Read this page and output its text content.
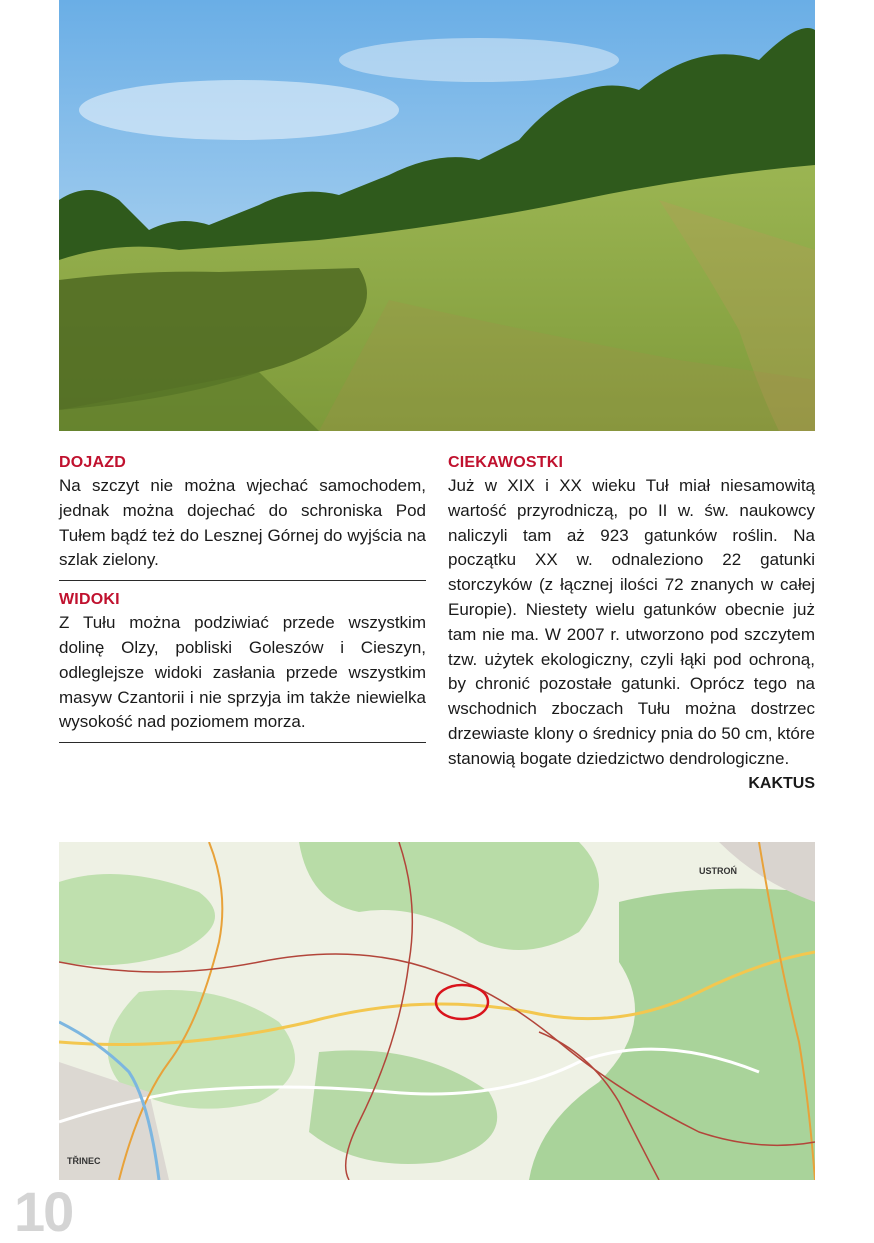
DOJAZD

Na szczyt nie można wjechać samochodem, jednak można dojechać do schroniska Pod Tułem bądź też do Lesznej Górnej do wyjścia na szlak zielony.

WIDOKI

Z Tułu można podziwiać przede wszystkim dolinę Olzy, pobliski Goleszów i Cieszyn, odleglejsze widoki zasłania przede wszystkim masyw Czantorii i nie sprzyja im także niewielka wysokość nad poziomem morza.

CIEKAWOSTKI

Już w XIX i XX wieku Tuł miał niesamowitą wartość przyrodniczą, po II w. św. naukowcy naliczyli tam aż 923 gatunków roślin. Na początku XX w. odnaleziono 22 gatunki storczyków (z łącznej ilości 72 znanych w całej Europie). Niestety wielu gatunków obecnie już tam nie ma. W 2007 r. utworzono pod szczytem tzw. użytek ekologiczny, czyli łąki pod ochroną, by chronić pozostałe gatunki. Oprócz tego na wschodnich zboczach Tułu można dostrzec drzewiaste klony o średnicy pnia do 50 cm, które stanowią bogate dziedzictwo dendrologiczne.
KAKTUS

USTROŃ
TŘINEC
10
